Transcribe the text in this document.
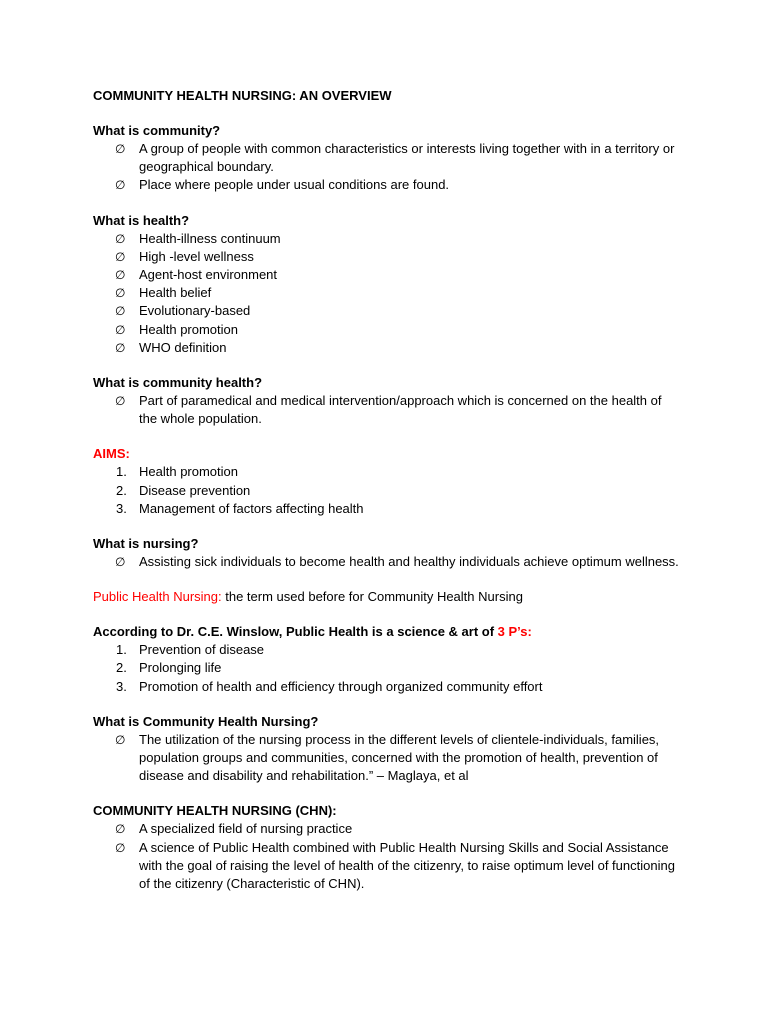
COMMUNITY HEALTH NURSING: AN OVERVIEW
What is community?
∅ A group of people with common characteristics or interests living together with in a territory or geographical boundary.
∅ Place where people under usual conditions are found.
What is health?
∅ Health-illness continuum
∅ High -level wellness
∅ Agent-host environment
∅ Health belief
∅ Evolutionary-based
∅ Health promotion
∅ WHO definition
What is community health?
∅ Part of paramedical and medical intervention/approach which is concerned on the health of the whole population.
AIMS:
1. Health promotion
2. Disease prevention
3. Management of factors affecting health
What is nursing?
∅ Assisting sick individuals to become health and healthy individuals achieve optimum wellness.
Public Health Nursing: the term used before for Community Health Nursing
According to Dr. C.E. Winslow, Public Health is a science & art of 3 P’s:
1. Prevention of disease
2. Prolonging life
3. Promotion of health and efficiency through organized community effort
What is Community Health Nursing?
∅ The utilization of the nursing process in the different levels of clientele-individuals, families, population groups and communities, concerned with the promotion of health, prevention of disease and disability and rehabilitation.” – Maglaya, et al
COMMUNITY HEALTH NURSING (CHN):
∅ A specialized field of nursing practice
∅ A science of Public Health combined with Public Health Nursing Skills and Social Assistance with the goal of raising the level of health of the citizenry, to raise optimum level of functioning of the citizenry (Characteristic of CHN).
